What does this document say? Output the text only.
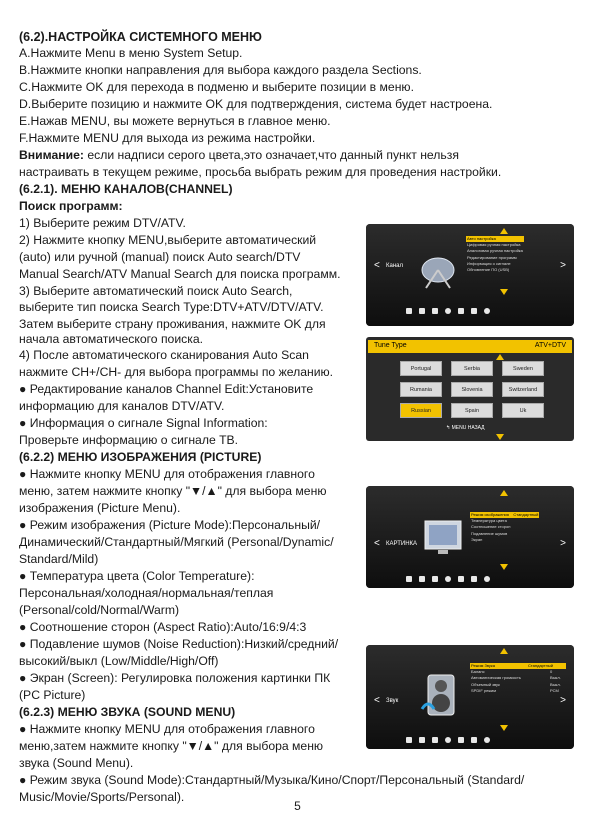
(6.2).НАСТРОЙКА СИСТЕМНОГО МЕНЮ
A.Нажмите Menu в меню System Setup.
B.Нажмите кнопки направления для выбора каждого раздела Sections.
C.Нажмите OK для перехода в подменю и выберите позиции в меню.
D.Выберите позицию и нажмите OK для подтверждения, система будет настроена.
E.Нажав MENU, вы можете вернуться в главное меню.
F.Нажмите MENU для выхода из режима настройки.
Внимание: если надписи серого цвета,это означает,что данный пункт нельзя
настраивать в текущем режиме, просьба выбрать режим для проведения настройки.
(6.2.1). МЕНЮ КАНАЛОВ(CHANNEL)
Поиск программ:
1) Выберите режим DTV/ATV.
2) Нажмите кнопку MENU,выберите автоматический
(auto) или ручной (manual) поиск Auto search/DTV
Manual Search/ATV Manual Search для поиска программ.
3) Выберите автоматический поиск Auto Search,
выберите тип поиска Search Type:DTV+ATV/DTV/ATV.
Затем выберите страну проживания, нажмите OK для
начала автоматического поиска.
4) После автоматического сканирования Auto Scan
нажмите CH+/CH- для выбора программы по желанию.
● Редактирование каналов Channel Edit:Установите
информацию для каналов DTV/ATV.
● Информация о сигнале Signal Information:
Проверьте информацию о сигнале ТВ.
(6.2.2) МЕНЮ ИЗОБРАЖЕНИЯ (PICTURE)
● Нажмите кнопку MENU для отображения главного
меню, затем нажмите кнопку "▼/▲" для выбора меню
изображения (Picture Menu).
● Режим изображения (Picture Mode):Персональный/
Динамический/Стандартный/Мягкий (Personal/Dynamic/
Standard/Mild)
● Температура цвета (Color Temperature):
Персональная/холодная/нормальная/теплая
(Personal/cold/Normal/Warm)
● Соотношение сторон (Aspect Ratio):Auto/16:9/4:3
● Подавление шумов (Noise Reduction):Низкий/средний/
высокий/выкл (Low/Middle/High/Off)
● Экран (Screen): Регулировка положения картинки ПК
(PC Picture)
(6.2.3) МЕНЮ ЗВУКА (SOUND MENU)
● Нажмите кнопку MENU для отображения главного
меню,затем нажмите кнопку "▼/▲" для выбора меню
звука (Sound Menu).
● Режим звука (Sound Mode):Стандартный/Музыка/Кино/Спорт/Персональный (Standard/
Music/Movie/Sports/Personal).
5
<	>
Канал
Авто настройка
Цифровая ручная настройка
Аналоговая ручная настройка
Редактирование программ
Информация о сигнале
Обновление ПО (USB)
Tune Type	ATV+DTV
Portugal	Serbia	Sweden
Rumania	Slovenia	Switzerland
Russian	Spain	Uk
↰ MENU НАЗАД
<	>
КАРТИНКА
Режим изображения Стандартный
Температура цвета
Соотношение сторон
Подавление шумов
Экран
<	>
Звук
Режим Звука	Стандартный

Баланс	0
Автоматическая громкость	Выкл.
Объемный звук	Выкл.
SPDIF режим	PCM
